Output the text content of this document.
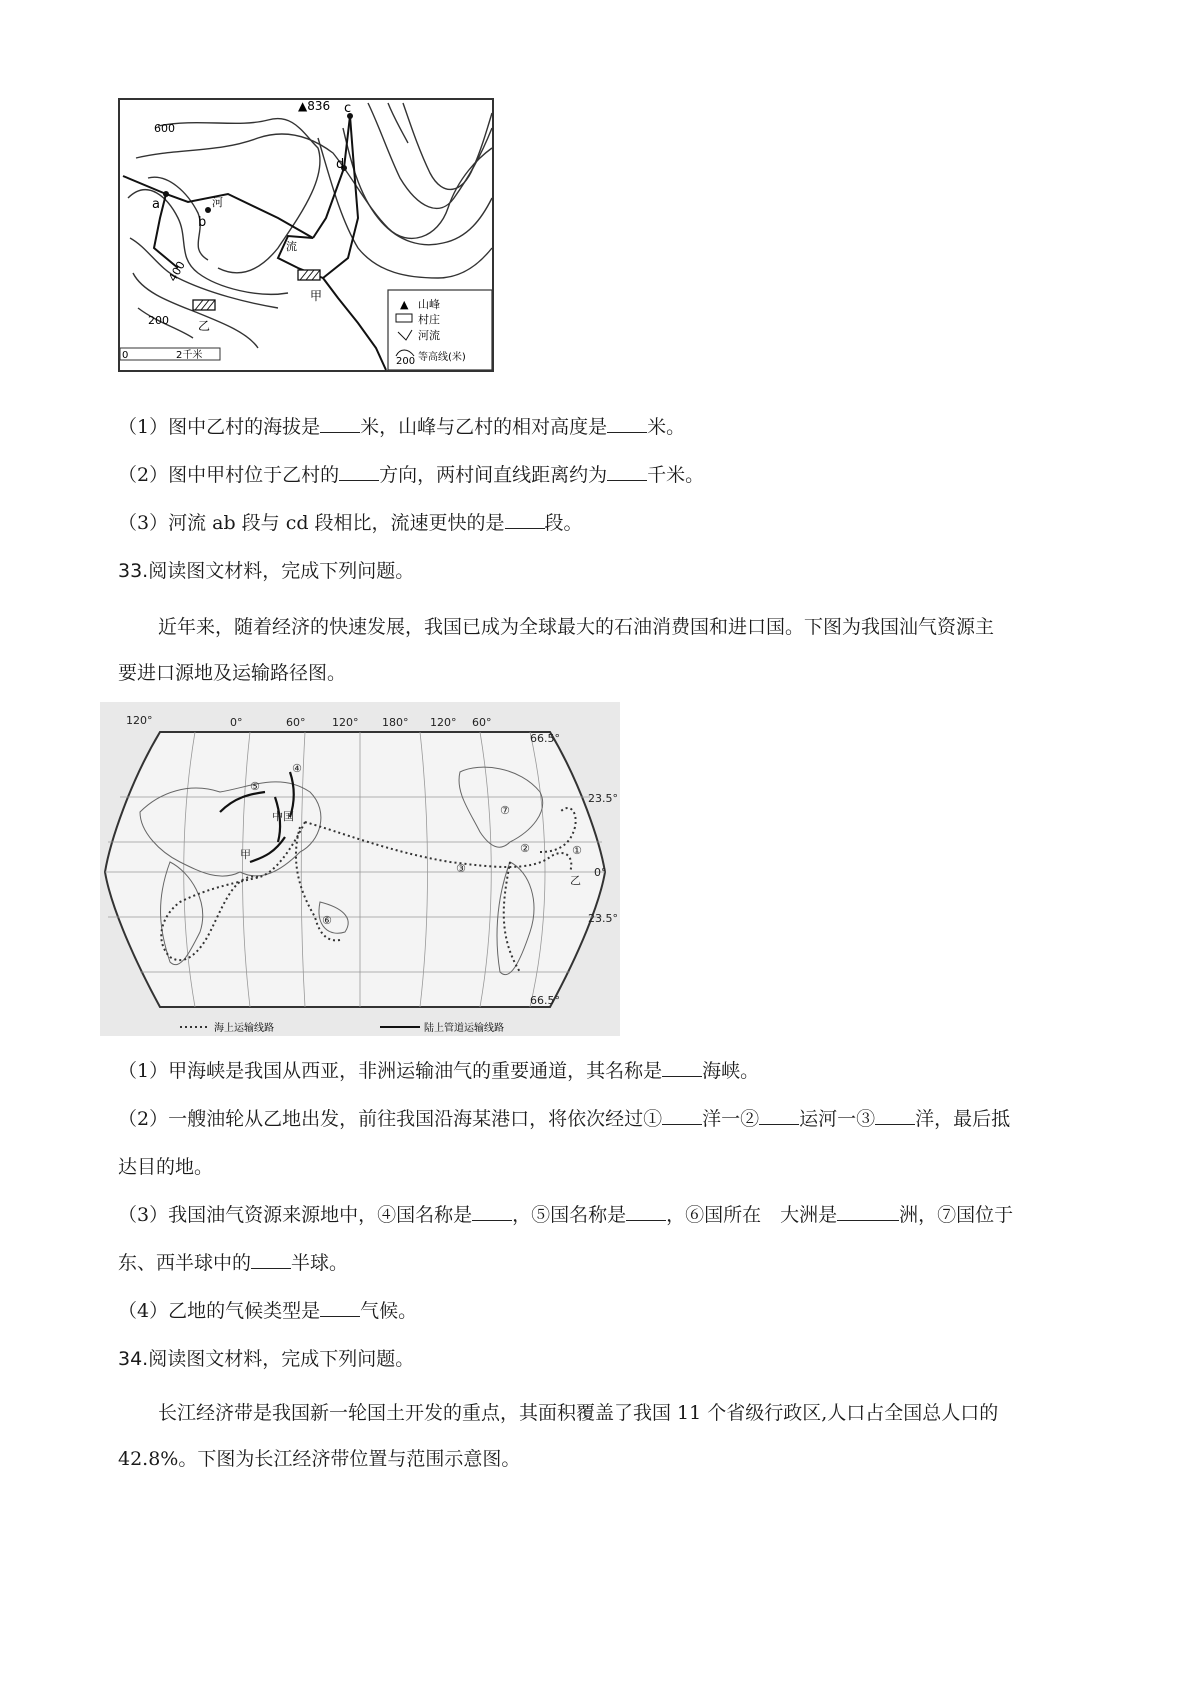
▲836 c
d
a
b
600
400
200
河
流
甲
乙
0	2千米
▲ 山峰
村庄
河流
200 等高线(米)
（1）图中乙村的海拔是 米，山峰与乙村的相对高度是 米。
（2）图中甲村位于乙村的 方向，两村间直线距离约为 千米。
（3）河流 ab 段与 cd 段相比，流速更快的是 段。
33.阅读图文材料，完成下列问题。
近年来，随着经济的快速发展，我国已成为全球最大的石油消费国和进口国。下图为我国汕气资源主
要进口源地及运输路径图。
120°	0°	60° 120° 180° 120° 60°
66.5°
23.5°
0°
23.5°
66.5°
中国
甲
乙
①
②
③
④
⑤
⑥
⑦
海上运输线路	陆上管道运输线路
（1）甲海峡是我国从西亚，非洲运输油气的重要通道，其名称是 海峡。
（2）一艘油轮从乙地出发，前往我国沿海某港口，将依次经过① 洋一② 运河一③ 洋，最后抵
达目的地。
（3）我国油气资源来源地中，④国名称是 ，⑤国名称是 ，⑥国所在　大洲是	洲，⑦国位于
东、西半球中的 半球。
（4）乙地的气候类型是 气候。
34.阅读图文材料，完成下列问题。
长江经济带是我国新一轮国土开发的重点，其面积覆盖了我国 11 个省级行政区,人口占全国总人口的
42.8%。下图为长江经济带位置与范围示意图。
